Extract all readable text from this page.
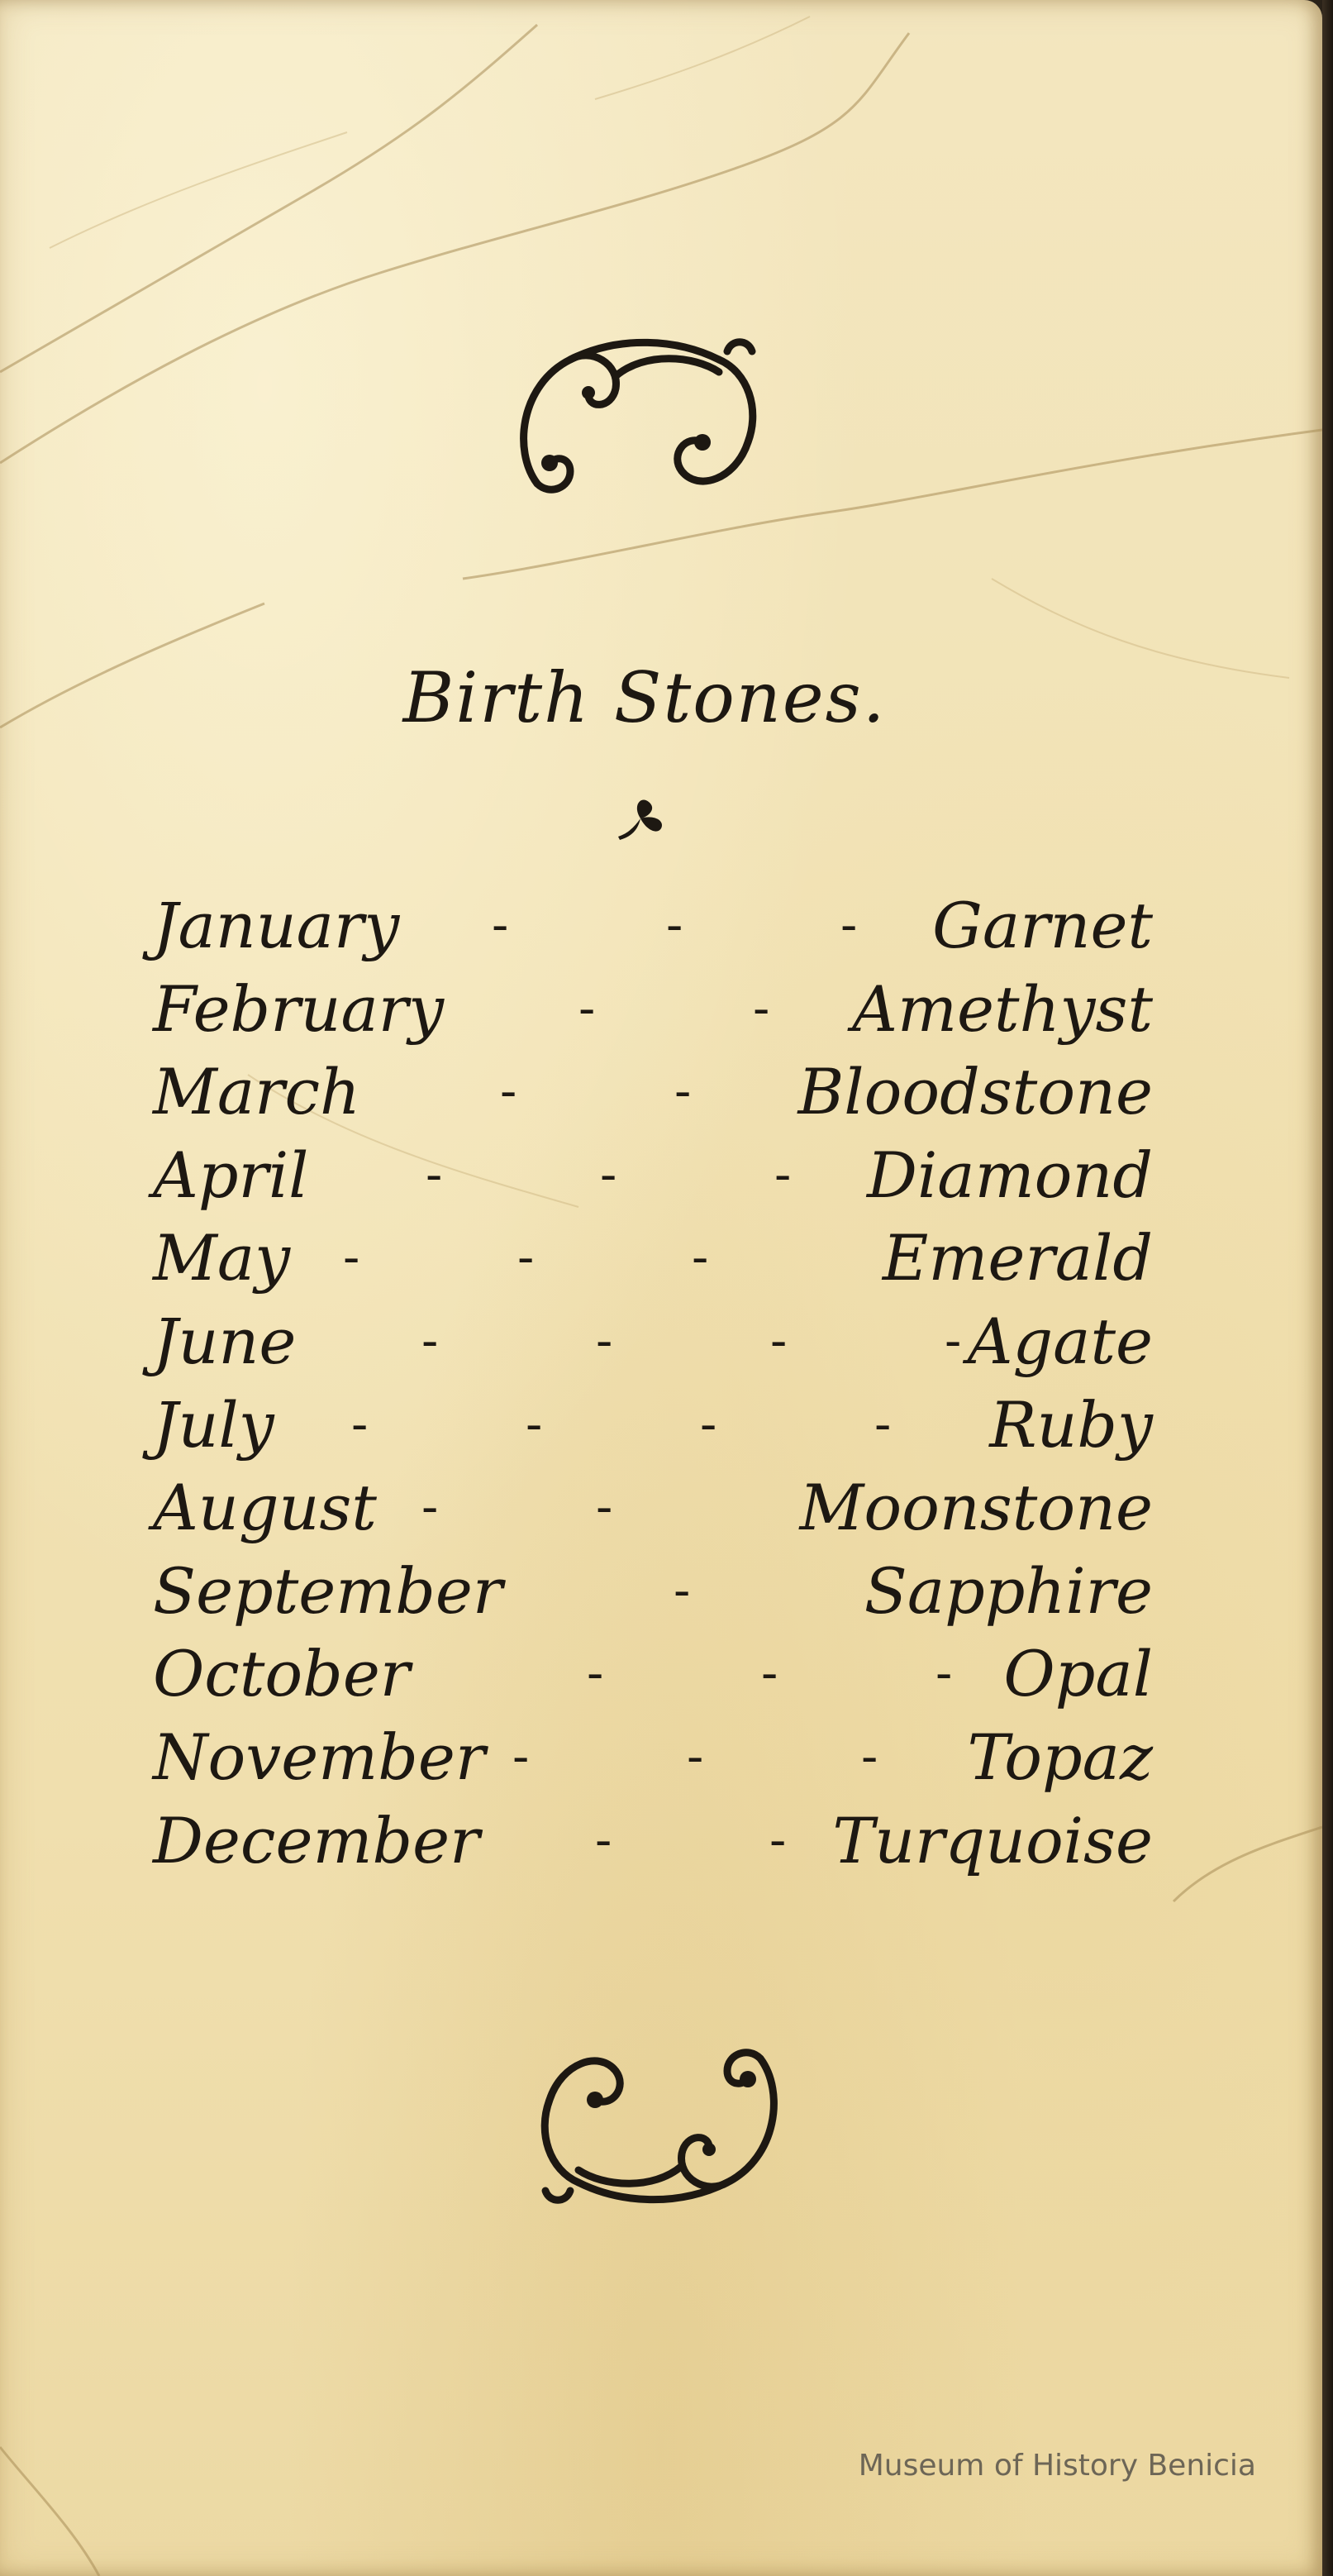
Birth Stones.
January -          -          - Garnet
February	-          - Amethyst
March	-          - Bloodstone
April -          -          - Diamond
May -          -          -	Emerald
June	-          -          -          - Agate
July -          -          -          - Ruby
August -          -	Moonstone
September	-	Sapphire
October	-          -          - Opal
November -          -          - Topaz
December -          - Turquoise
Museum of History Benicia
